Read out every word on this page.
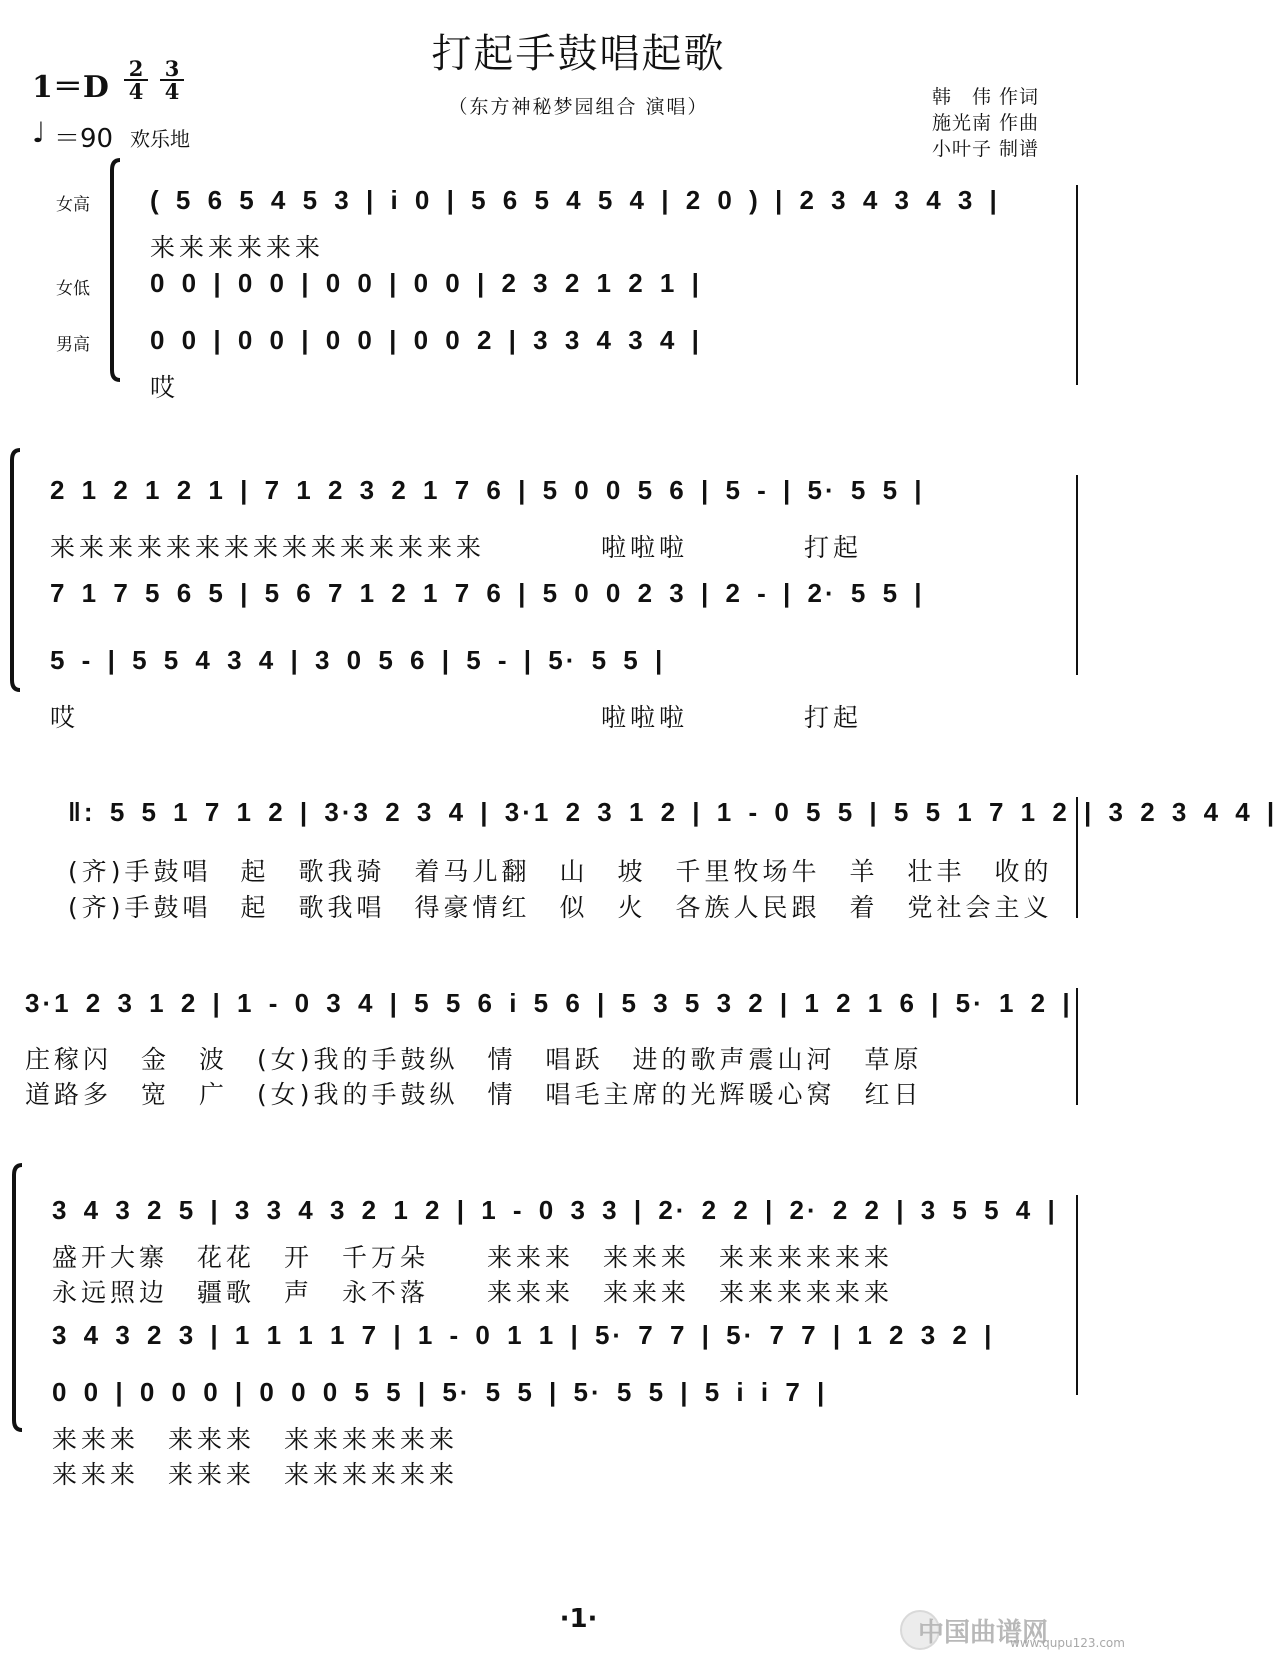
打起手鼓唱起歌
（东方神秘梦园组合 演唱）
$1=D \frac{2}{4} \frac{3}{4}$
♩ ＝90 欢乐地
韩　伟 作词
施光南 作曲
小叶子 制谱
女高
女低
男高
( 5 6 5 4 5 3 | i 0 | 5 6 5 4 5 4 | 2 0 ) | 2 3 4 3 4 3 |
来来来来来来
0 0 | 0 0 | 0 0 | 0 0 | 2 3 2 1 2 1 |
0 0 | 0 0 | 0 0 | 0 0 2 | 3 3 4 3 4 |
哎
2 1 2 1 2 1 | 7 1 2 3 2 1 7 6 | 5 0 0 5 6 | 5 - | 5· 5 5 |
来来来来来来来来来来来来来来来　　　　啦啦啦　　　　打起
7 1 7 5 6 5 | 5 6 7 1 2 1 7 6 | 5 0 0 2 3 | 2 - | 2· 5 5 |
5 - | 5 5 4 3 4 | 3 0 5 6 | 5 - | 5· 5 5 |
哎　　　　　　　　　　　　　　　　　　啦啦啦　　　　打起
‖: 5 5 1 7 1 2 | 3·3 2 3 4 | 3·1 2 3 1 2 | 1 - 0 5 5 | 5 5 1 7 1 2 | 3 2 3 4 4 |
(齐)手鼓唱　起　歌我骑　着马儿翻　山　坡　千里牧场牛　羊　壮丰　收的
(齐)手鼓唱　起　歌我唱　得豪情红　似　火　各族人民跟　着　党社会主义
3·1 2 3 1 2 | 1 - 0 3 4 | 5 5 6 i 5 6 | 5 3 5 3 2 | 1 2 1 6 | 5· 1 2 |
庄稼闪　金　波　(女)我的手鼓纵　情　唱跃　进的歌声震山河　草原
道路多　宽　广　(女)我的手鼓纵　情　唱毛主席的光辉暖心窝　红日
3 4 3 2 5 | 3 3 4 3 2 1 2 | 1 - 0 3 3 | 2· 2 2 | 2· 2 2 | 3 5 5 4 |
盛开大寨　花花　开　千万朵　　来来来　来来来　来来来来来来
永远照边　疆歌　声　永不落　　来来来　来来来　来来来来来来
3 4 3 2 3 | 1 1 1 1 7 | 1 - 0 1 1 | 5· 7 7 | 5· 7 7 | 1 2 3 2 |
0 0 | 0 0 0 | 0 0 0 5 5 | 5· 5 5 | 5· 5 5 | 5 i i 7 |
来来来　来来来　来来来来来来
来来来　来来来　来来来来来来
·1·	中国曲谱网
www.qupu123.com
